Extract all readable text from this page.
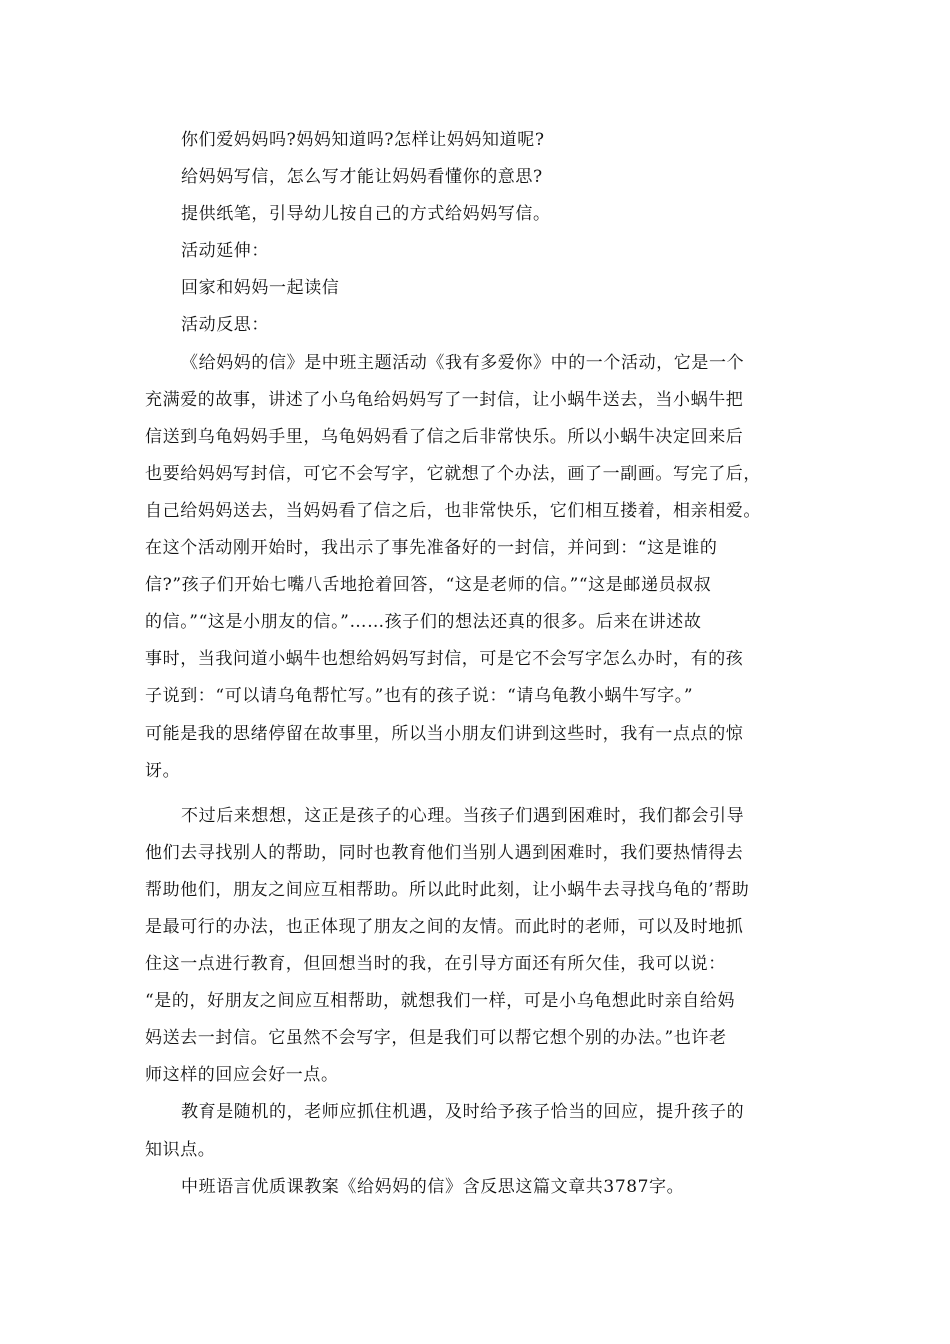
你们爱妈妈吗?妈妈知道吗?怎样让妈妈知道呢?
给妈妈写信，怎么写才能让妈妈看懂你的意思?
提供纸笔，引导幼儿按自己的方式给妈妈写信。
活动延伸：
回家和妈妈一起读信
活动反思：
《给妈妈的信》是中班主题活动《我有多爱你》中的一个活动，它是一个
充满爱的故事，讲述了小乌龟给妈妈写了一封信，让小蜗牛送去，当小蜗牛把
信送到乌龟妈妈手里，乌龟妈妈看了信之后非常快乐。所以小蜗牛决定回来后
也要给妈妈写封信，可它不会写字，它就想了个办法，画了一副画。写完了后，
自己给妈妈送去，当妈妈看了信之后，也非常快乐，它们相互搂着，相亲相爱。
在这个活动刚开始时，我出示了事先准备好的一封信，并问到：“这是谁的
信?”孩子们开始七嘴八舌地抢着回答，“这是老师的信。”“这是邮递员叔叔
的信。”“这是小朋友的信。”……孩子们的想法还真的很多。后来在讲述故
事时，当我问道小蜗牛也想给妈妈写封信，可是它不会写字怎么办时，有的孩
子说到：“可以请乌龟帮忙写。”也有的孩子说：“请乌龟教小蜗牛写字。”
可能是我的思绪停留在故事里，所以当小朋友们讲到这些时，我有一点点的惊
讶。
不过后来想想，这正是孩子的心理。当孩子们遇到困难时，我们都会引导
他们去寻找别人的帮助，同时也教育他们当别人遇到困难时，我们要热情得去
帮助他们，朋友之间应互相帮助。所以此时此刻，让小蜗牛去寻找乌龟的’帮助
是最可行的办法，也正体现了朋友之间的友情。而此时的老师，可以及时地抓
住这一点进行教育，但回想当时的我，在引导方面还有所欠佳，我可以说：
“是的，好朋友之间应互相帮助，就想我们一样，可是小乌龟想此时亲自给妈
妈送去一封信。它虽然不会写字，但是我们可以帮它想个别的办法。”也许老
师这样的回应会好一点。
教育是随机的，老师应抓住机遇，及时给予孩子恰当的回应，提升孩子的
知识点。
中班语言优质课教案《给妈妈的信》含反思这篇文章共3787字。
